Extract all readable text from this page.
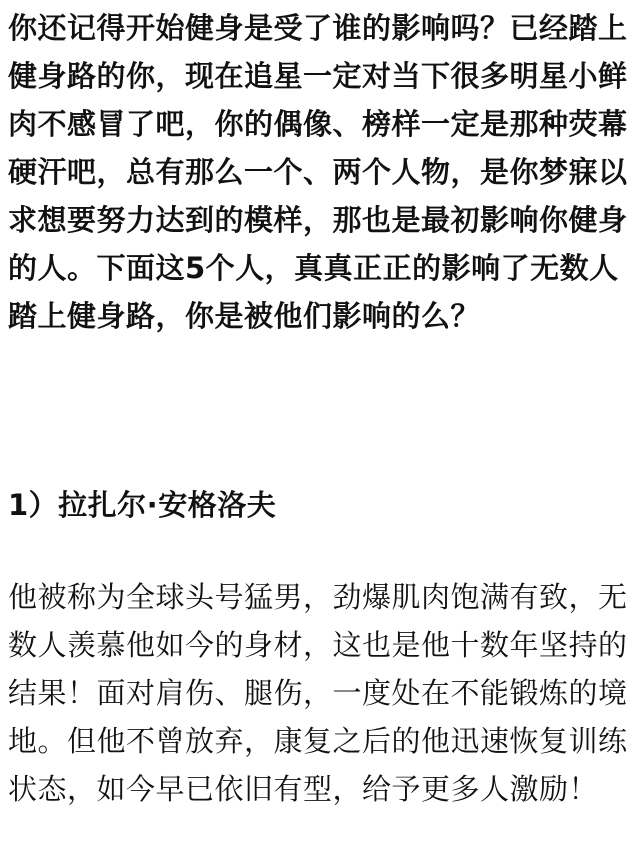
你还记得开始健身是受了谁的影响吗？已经踏上健身路的你，现在追星一定对当下很多明星小鲜肉不感冒了吧，你的偶像、榜样一定是那种荧幕硬汗吧，总有那么一个、两个人物，是你梦寐以求想要努力达到的模样，那也是最初影响你健身的人。下面这5个人，真真正正的影响了无数人踏上健身路，你是被他们影响的么？

1）拉扎尔·安格洛夫

他被称为全球头号猛男，劲爆肌肉饱满有致，无数人羡慕他如今的身材，这也是他十数年坚持的结果！面对肩伤、腿伤，一度处在不能锻炼的境地。但他不曾放弃，康复之后的他迅速恢复训练状态，如今早已依旧有型，给予更多人激励！
